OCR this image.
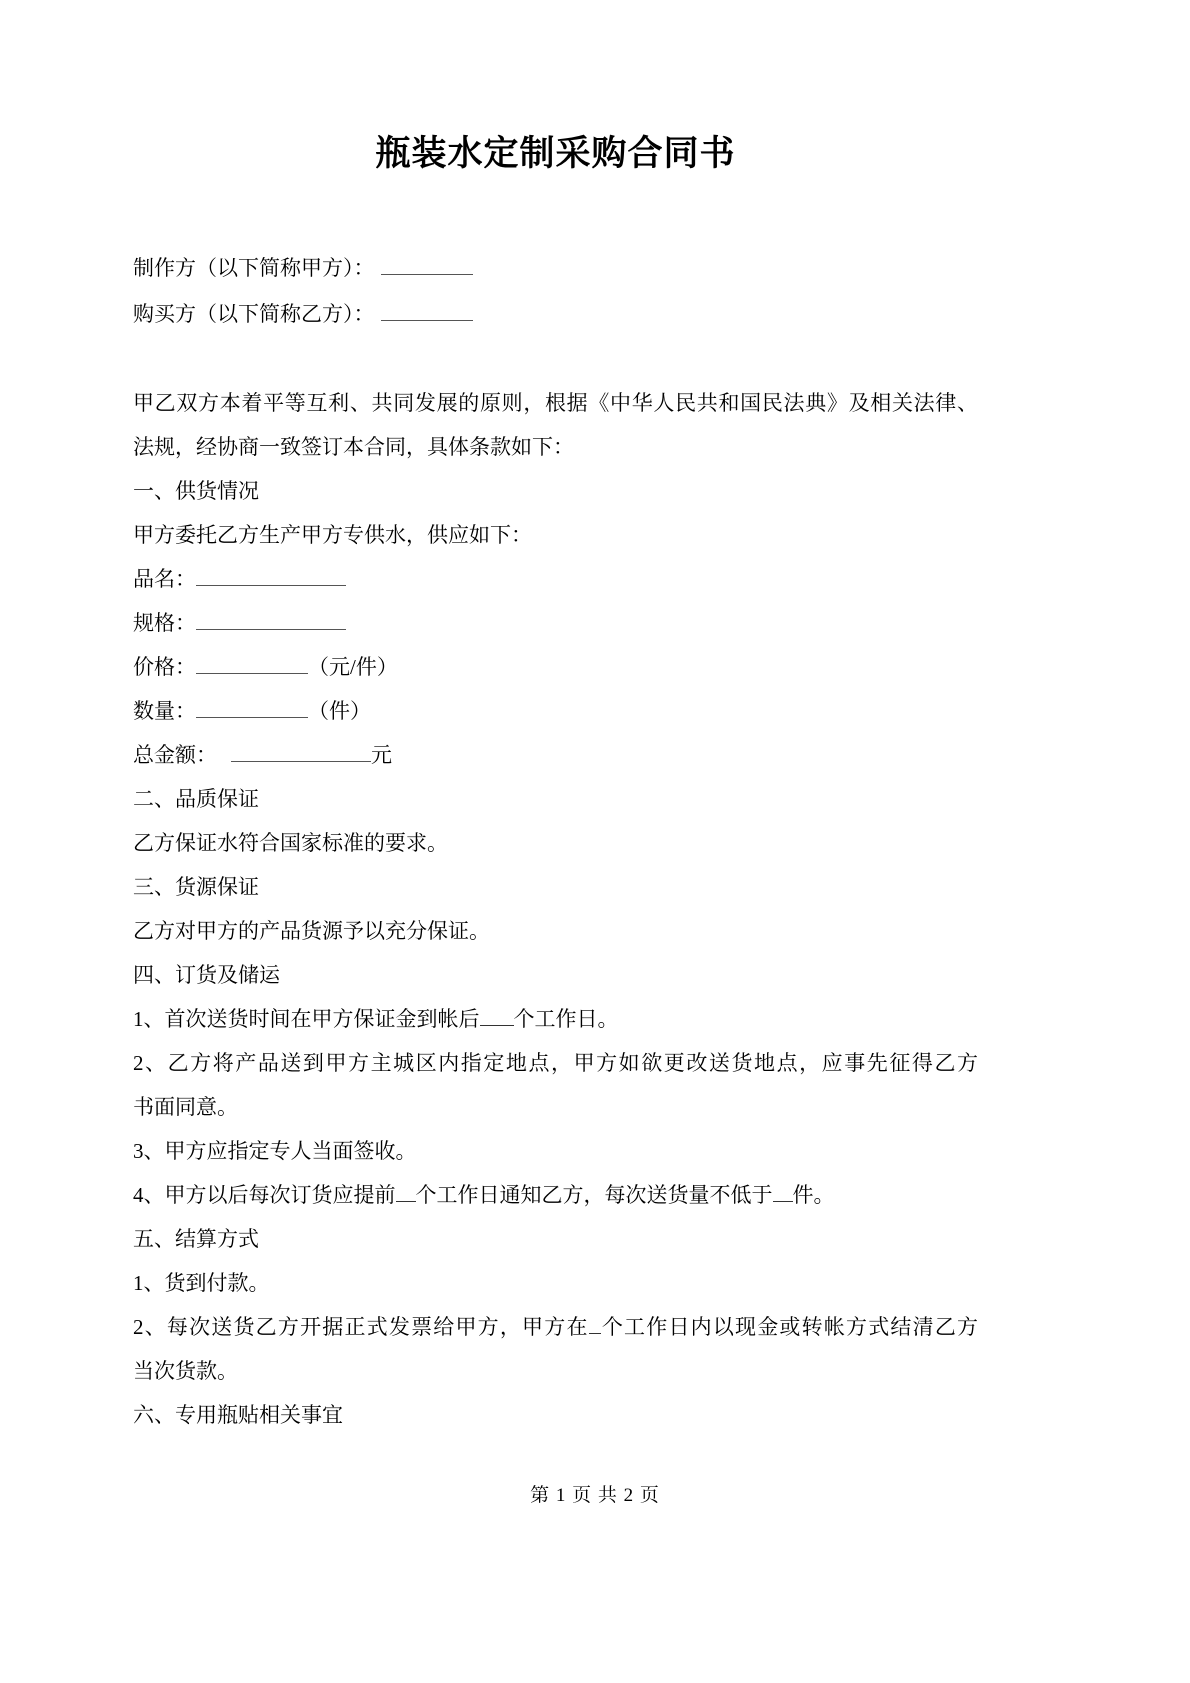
瓶装水定制采购合同书
制作方（以下简称甲方）：
购买方（以下简称乙方）：

甲乙双方本着平等互利、共同发展的原则，根据《中华人民共和国民法典》及相关法律、

法规，经协商一致签订本合同，具体条款如下：

一、供货情况

甲方委托乙方生产甲方专供水，供应如下：

品名：

规格：

价格：	（元/件）

数量：	（件）

总金额：	元

二、品质保证

乙方保证水符合国家标准的要求。

三、货源保证

乙方对甲方的产品货源予以充分保证。

四、订货及储运

1、首次送货时间在甲方保证金到帐后 个工作日。

2、乙方将产品送到甲方主城区内指定地点，甲方如欲更改送货地点，应事先征得乙方

书面同意。

3、甲方应指定专人当面签收。

4、甲方以后每次订货应提前 个工作日通知乙方，每次送货量不低于 件。

五、结算方式

1、货到付款。

2、每次送货乙方开据正式发票给甲方，甲方在 个工作日内以现金或转帐方式结清乙方

当次货款。

六、专用瓶贴相关事宜

第 1 页 共 2 页
